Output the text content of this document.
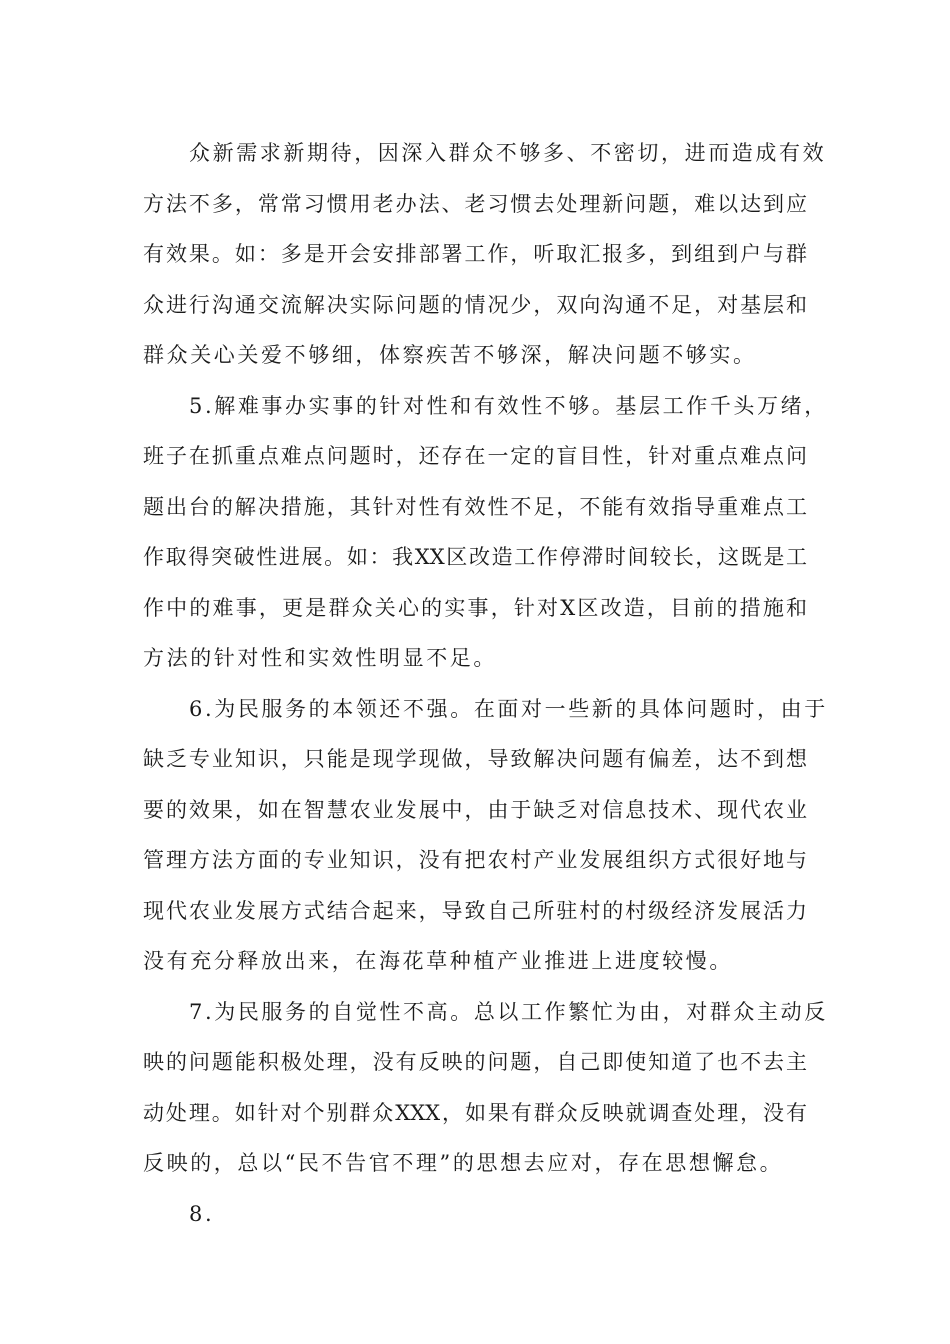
众新需求新期待，因深入群众不够多、不密切，进而造成有效
方法不多，常常习惯用老办法、老习惯去处理新问题，难以达到应
有效果。如：多是开会安排部署工作，听取汇报多，到组到户与群
众进行沟通交流解决实际问题的情况少，双向沟通不足，对基层和
群众关心关爱不够细，体察疾苦不够深，解决问题不够实。
5.解难事办实事的针对性和有效性不够。基层工作千头万绪，
班子在抓重点难点问题时，还存在一定的盲目性，针对重点难点问
题出台的解决措施，其针对性有效性不足，不能有效指导重难点工
作取得突破性进展。如：我XX区改造工作停滞时间较长，这既是工
作中的难事，更是群众关心的实事，针对X区改造，目前的措施和
方法的针对性和实效性明显不足。
6.为民服务的本领还不强。在面对一些新的具体问题时，由于
缺乏专业知识，只能是现学现做，导致解决问题有偏差，达不到想
要的效果，如在智慧农业发展中，由于缺乏对信息技术、现代农业
管理方法方面的专业知识，没有把农村产业发展组织方式很好地与
现代农业发展方式结合起来，导致自己所驻村的村级经济发展活力
没有充分释放出来，在海花草种植产业推进上进度较慢。
7.为民服务的自觉性不高。总以工作繁忙为由，对群众主动反
映的问题能积极处理，没有反映的问题，自己即使知道了也不去主
动处理。如针对个别群众XXX，如果有群众反映就调查处理，没有
反映的，总以“民不告官不理”的思想去应对，存在思想懈怠。
8.
